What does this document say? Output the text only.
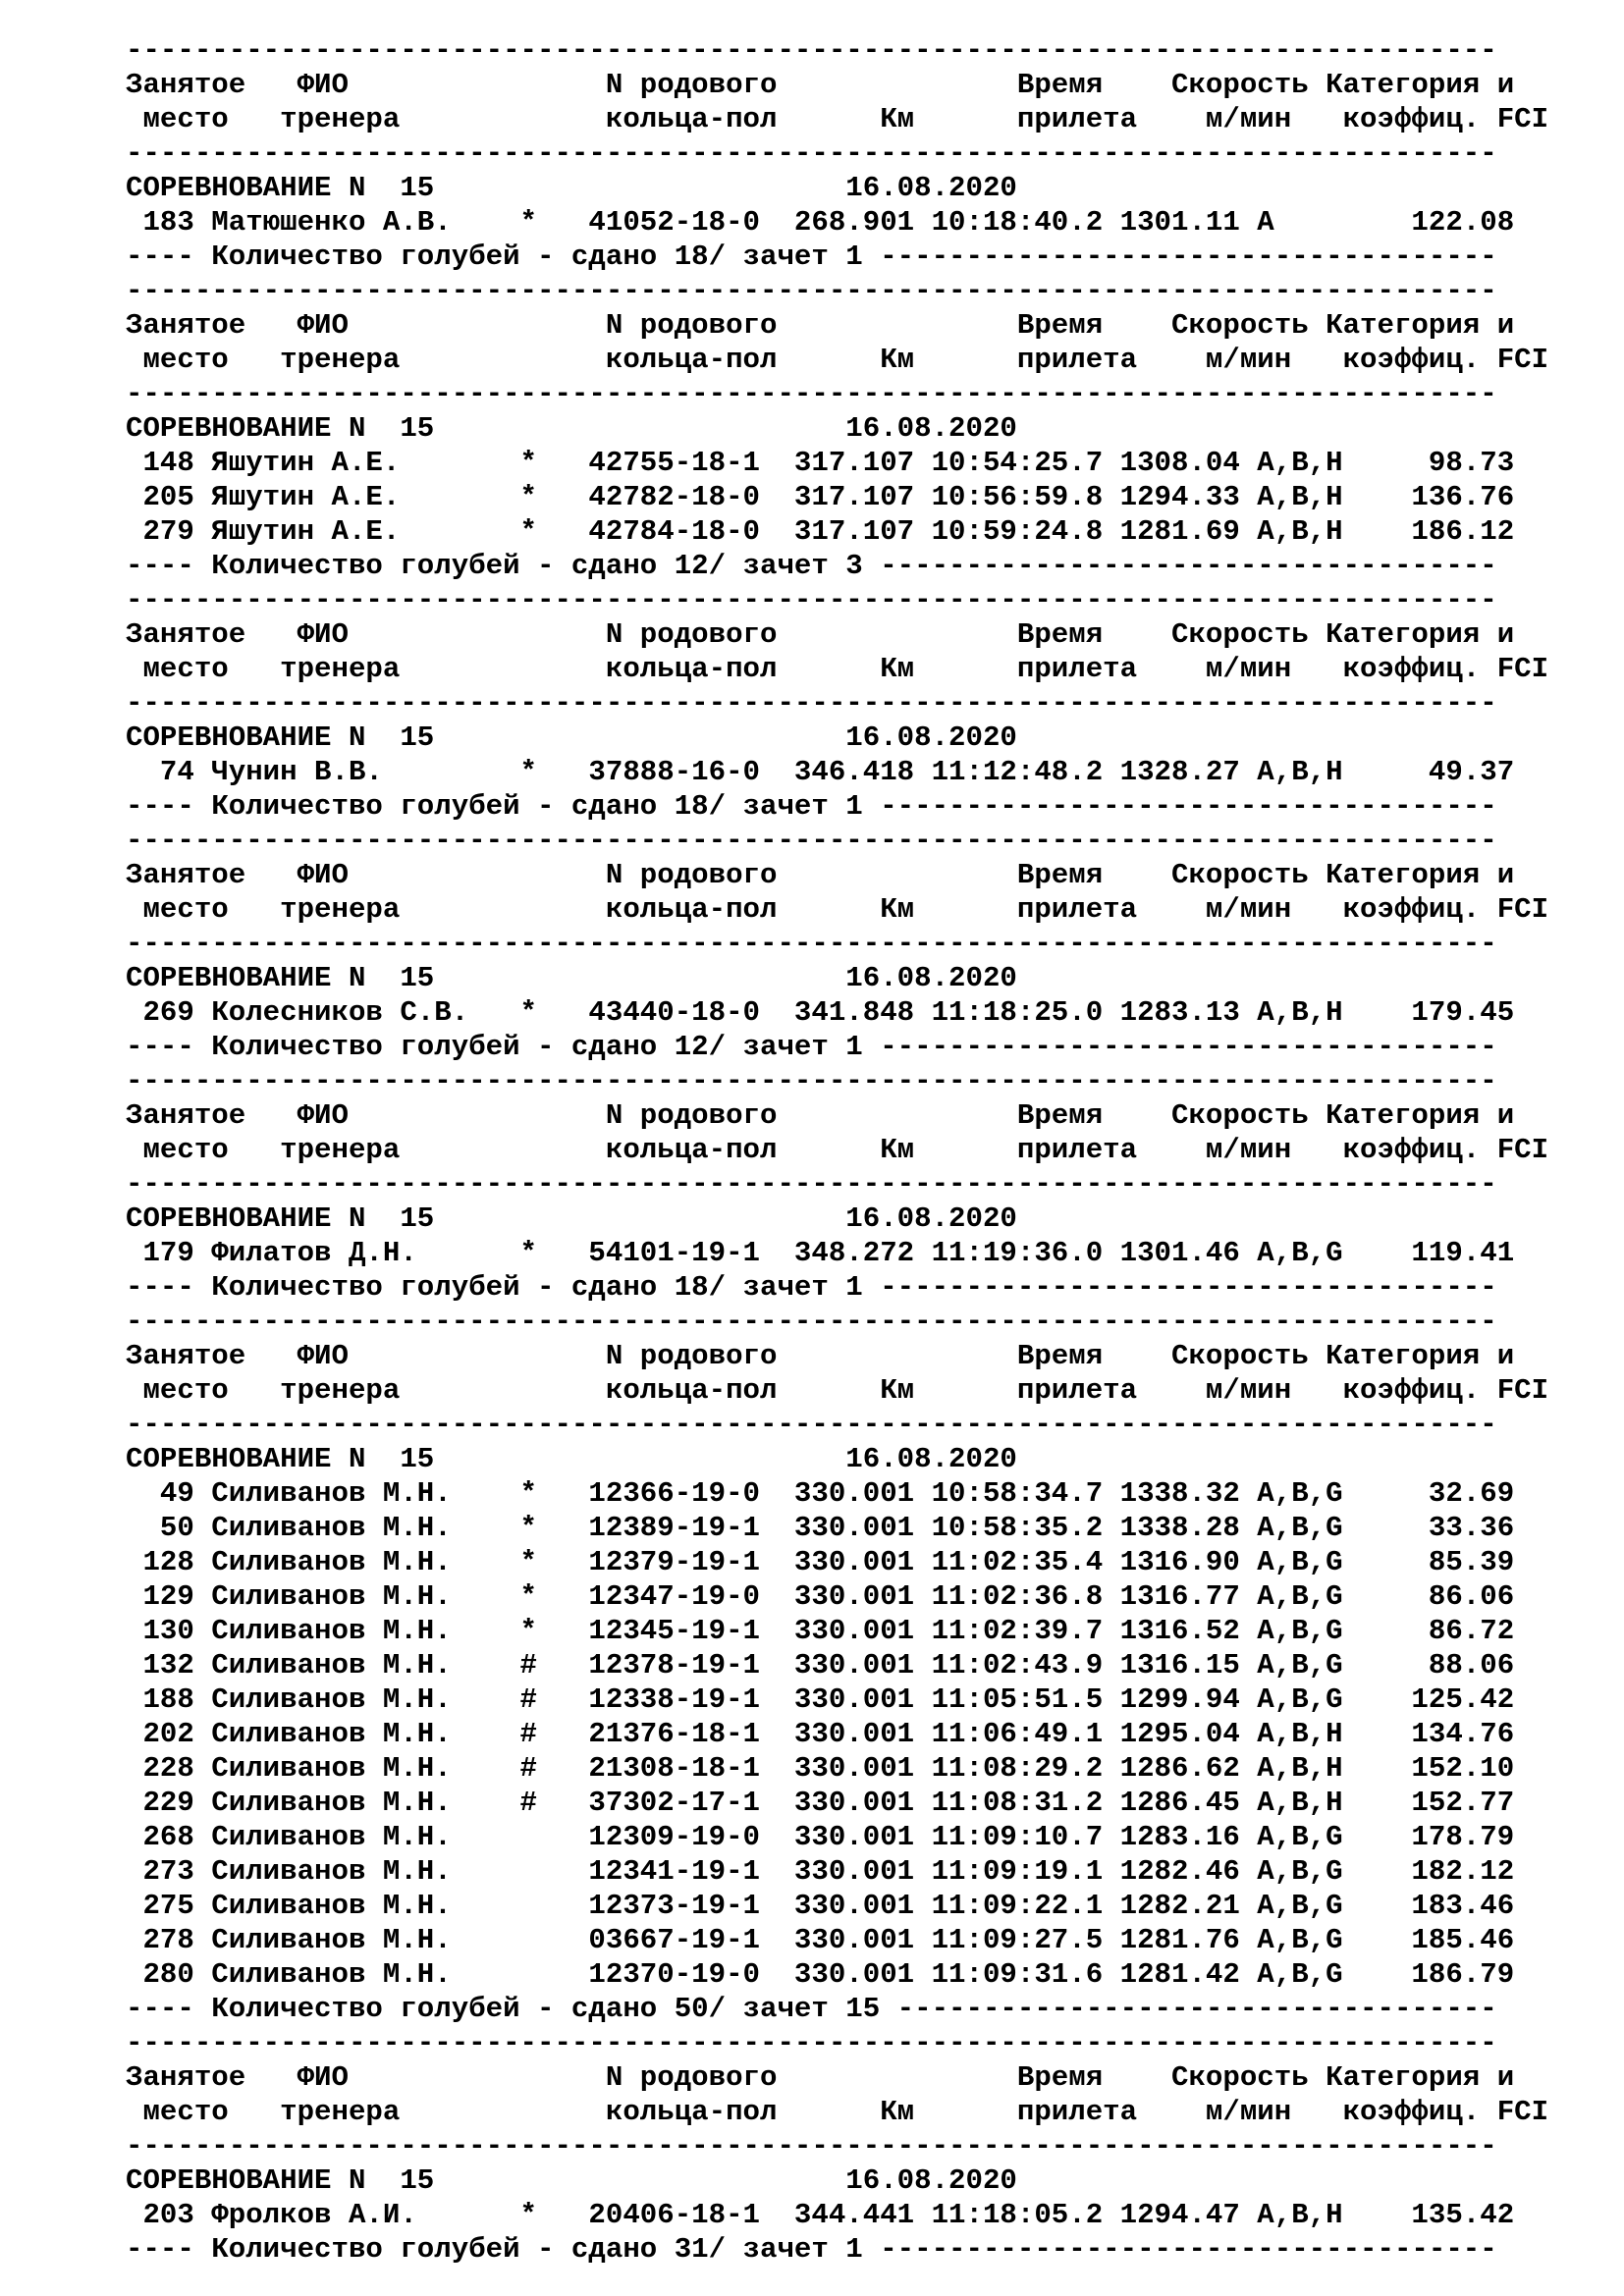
--------------------------------------------------------------------------------
Занятое   ФИО               N родового              Время    Скорость Категория и
место   тренера            кольца-пол      Км      прилета    м/мин   коэффиц. FCI
--------------------------------------------------------------------------------
СОРЕВНОВАНИЕ N  15                        16.08.2020
183 Матюшенко А.В.    *   41052-18-0  268.901 10:18:40.2 1301.11 A        122.08
---- Количество голубей - сдано 18/ зачет 1 ------------------------------------
--------------------------------------------------------------------------------
Занятое   ФИО               N родового              Время    Скорость Категория и
место   тренера            кольца-пол      Км      прилета    м/мин   коэффиц. FCI
--------------------------------------------------------------------------------
СОРЕВНОВАНИЕ N  15                        16.08.2020
148 Яшутин А.Е.       *   42755-18-1  317.107 10:54:25.7 1308.04 A,B,H     98.73
205 Яшутин А.Е.       *   42782-18-0  317.107 10:56:59.8 1294.33 A,B,H    136.76
279 Яшутин А.Е.       *   42784-18-0  317.107 10:59:24.8 1281.69 A,B,H    186.12
---- Количество голубей - сдано 12/ зачет 3 ------------------------------------
--------------------------------------------------------------------------------
Занятое   ФИО               N родового              Время    Скорость Категория и
место   тренера            кольца-пол      Км      прилета    м/мин   коэффиц. FCI
--------------------------------------------------------------------------------
СОРЕВНОВАНИЕ N  15                        16.08.2020
74 Чунин В.В.        *   37888-16-0  346.418 11:12:48.2 1328.27 A,B,H     49.37
---- Количество голубей - сдано 18/ зачет 1 ------------------------------------
--------------------------------------------------------------------------------
Занятое   ФИО               N родового              Время    Скорость Категория и
место   тренера            кольца-пол      Км      прилета    м/мин   коэффиц. FCI
--------------------------------------------------------------------------------
СОРЕВНОВАНИЕ N  15                        16.08.2020
269 Колесников С.В.   *   43440-18-0  341.848 11:18:25.0 1283.13 A,B,H    179.45
---- Количество голубей - сдано 12/ зачет 1 ------------------------------------
--------------------------------------------------------------------------------
Занятое   ФИО               N родового              Время    Скорость Категория и
место   тренера            кольца-пол      Км      прилета    м/мин   коэффиц. FCI
--------------------------------------------------------------------------------
СОРЕВНОВАНИЕ N  15                        16.08.2020
179 Филатов Д.Н.      *   54101-19-1  348.272 11:19:36.0 1301.46 A,B,G    119.41
---- Количество голубей - сдано 18/ зачет 1 ------------------------------------
--------------------------------------------------------------------------------
Занятое   ФИО               N родового              Время    Скорость Категория и
место   тренера            кольца-пол      Км      прилета    м/мин   коэффиц. FCI
--------------------------------------------------------------------------------
СОРЕВНОВАНИЕ N  15                        16.08.2020
49 Силиванов М.Н.    *   12366-19-0  330.001 10:58:34.7 1338.32 A,B,G     32.69
50 Силиванов М.Н.    *   12389-19-1  330.001 10:58:35.2 1338.28 A,B,G     33.36
128 Силиванов М.Н.    *   12379-19-1  330.001 11:02:35.4 1316.90 A,B,G     85.39
129 Силиванов М.Н.    *   12347-19-0  330.001 11:02:36.8 1316.77 A,B,G     86.06
130 Силиванов М.Н.    *   12345-19-1  330.001 11:02:39.7 1316.52 A,B,G     86.72
132 Силиванов М.Н.    #   12378-19-1  330.001 11:02:43.9 1316.15 A,B,G     88.06
188 Силиванов М.Н.    #   12338-19-1  330.001 11:05:51.5 1299.94 A,B,G    125.42
202 Силиванов М.Н.    #   21376-18-1  330.001 11:06:49.1 1295.04 A,B,H    134.76
228 Силиванов М.Н.    #   21308-18-1  330.001 11:08:29.2 1286.62 A,B,H    152.10
229 Силиванов М.Н.    #   37302-17-1  330.001 11:08:31.2 1286.45 A,B,H    152.77
268 Силиванов М.Н.        12309-19-0  330.001 11:09:10.7 1283.16 A,B,G    178.79
273 Силиванов М.Н.        12341-19-1  330.001 11:09:19.1 1282.46 A,B,G    182.12
275 Силиванов М.Н.        12373-19-1  330.001 11:09:22.1 1282.21 A,B,G    183.46
278 Силиванов М.Н.        03667-19-1  330.001 11:09:27.5 1281.76 A,B,G    185.46
280 Силиванов М.Н.        12370-19-0  330.001 11:09:31.6 1281.42 A,B,G    186.79
---- Количество голубей - сдано 50/ зачет 15 -----------------------------------
--------------------------------------------------------------------------------
Занятое   ФИО               N родового              Время    Скорость Категория и
место   тренера            кольца-пол      Км      прилета    м/мин   коэффиц. FCI
--------------------------------------------------------------------------------
СОРЕВНОВАНИЕ N  15                        16.08.2020
203 Фролков А.И.      *   20406-18-1  344.441 11:18:05.2 1294.47 A,B,H    135.42
---- Количество голубей - сдано 31/ зачет 1 ------------------------------------
